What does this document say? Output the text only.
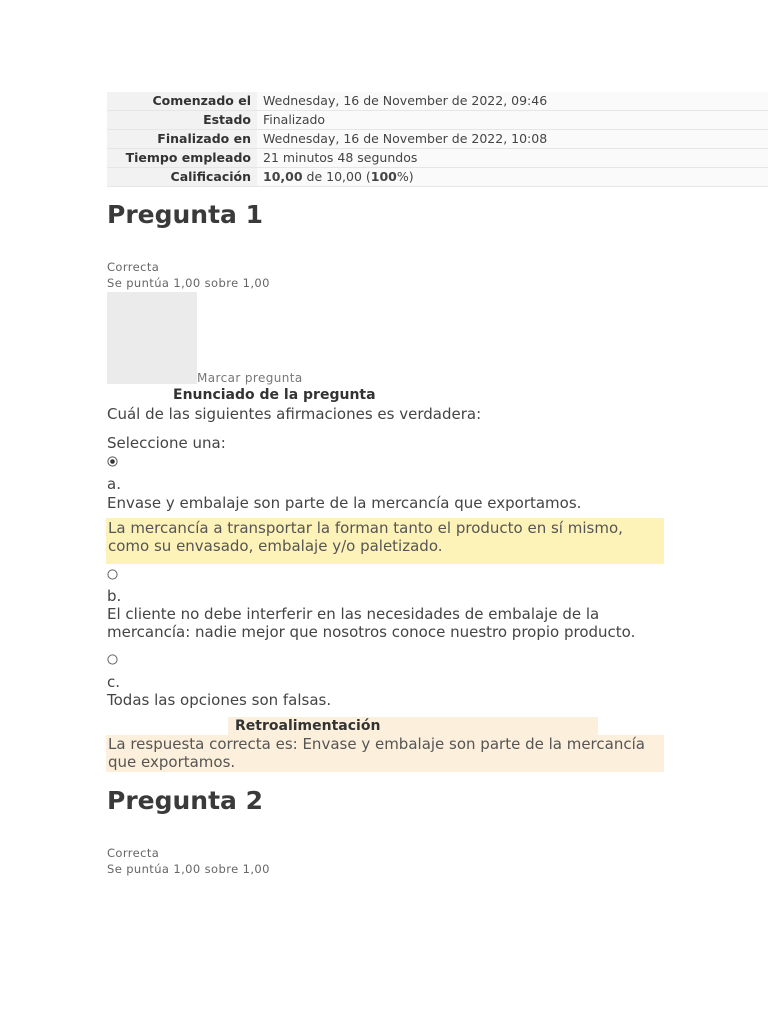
Comenzado el	Wednesday, 16 de November de 2022, 09:46
Estado	Finalizado
Finalizado en	Wednesday, 16 de November de 2022, 10:08
Tiempo empleado	21 minutos 48 segundos
Calificación	10,00 de 10,00 (100%)
Pregunta 1
Correcta
Se puntúa 1,00 sobre 1,00
Marcar pregunta
Enunciado de la pregunta
Cuál de las siguientes afirmaciones es verdadera:
Seleccione una:
a.
Envase y embalaje son parte de la mercancía que exportamos.
La mercancía a transportar la forman tanto el producto en sí mismo, como su envasado, embalaje y/o paletizado.
b.
El cliente no debe interferir en las necesidades de embalaje de la mercancía: nadie mejor que nosotros conoce nuestro propio producto.
c.
Todas las opciones son falsas.
Retroalimentación
La respuesta correcta es: Envase y embalaje son parte de la mercancía que exportamos.
Pregunta 2
Correcta
Se puntúa 1,00 sobre 1,00
